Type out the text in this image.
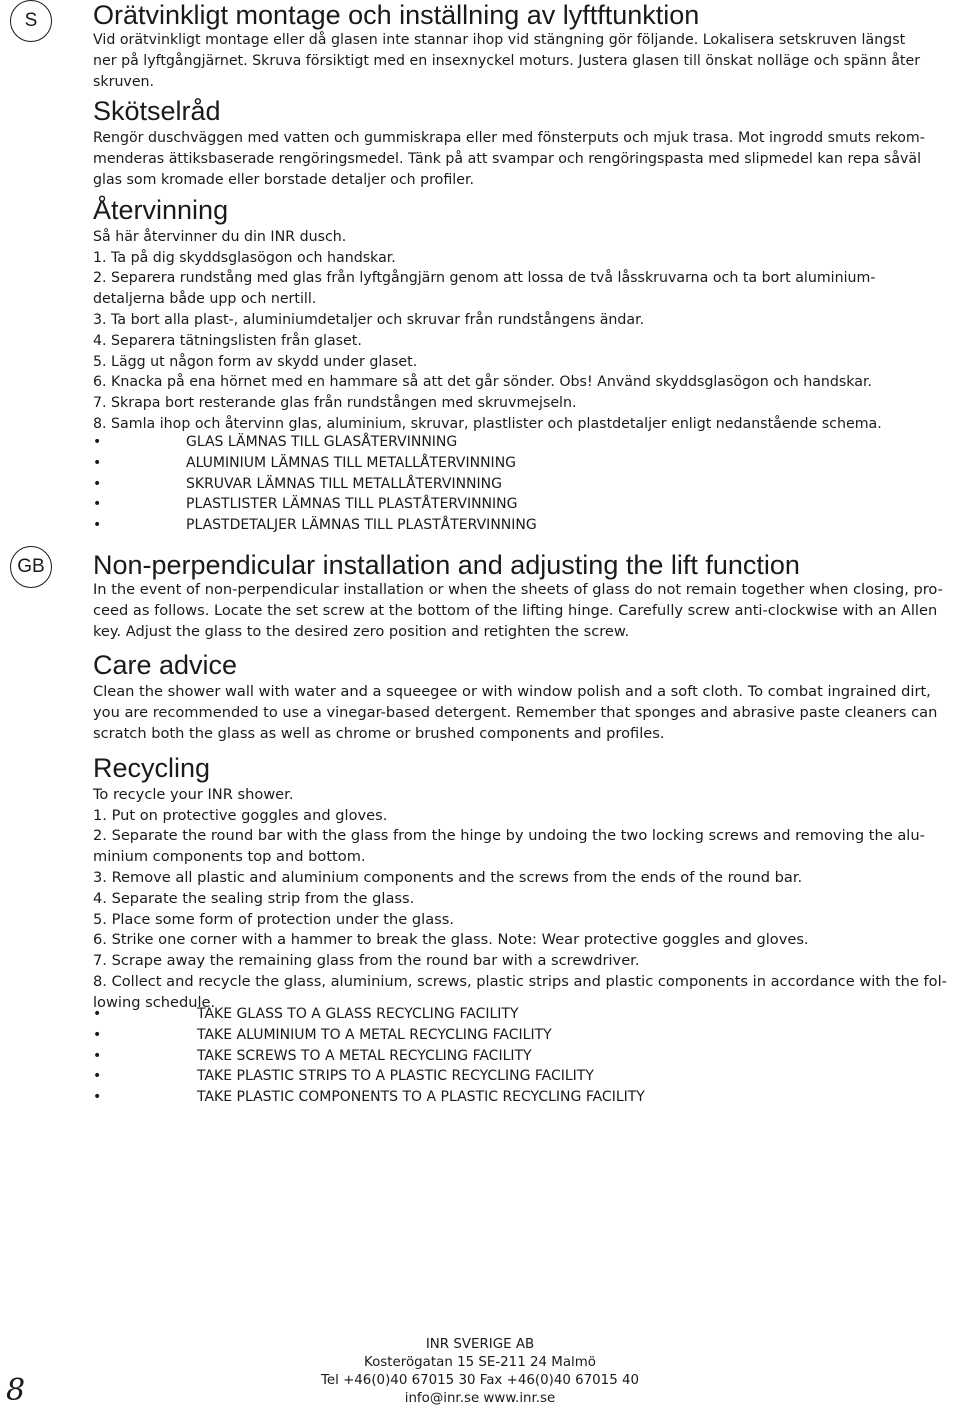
S	Orätvinkligt montage och inställning av lyftftunktion

Vid orätvinkligt montage eller då glasen inte stannar ihop vid stängning gör följande. Lokalisera setskruven längst

ner på lyftgångjärnet. Skruva försiktigt med en insexnyckel moturs. Justera glasen till önskat nolläge och spänn åter

skruven.

Skötselråd

Rengör duschväggen med vatten och gummiskrapa eller med fönsterputs och mjuk trasa. Mot ingrodd smuts rekom-

menderas ättiksbaserade rengöringsmedel. Tänk på att svampar och rengöringspasta med slipmedel kan repa såväl

glas som kromade eller borstade detaljer och profiler.

Återvinning

Så här återvinner du din INR dusch.

1. Ta på dig skyddsglasögon och handskar.

2. Separera rundstång med glas från lyftgångjärn genom att lossa de två låsskruvarna och ta bort aluminium-

detaljerna både upp och nertill.

3. Ta bort alla plast-, aluminiumdetaljer och skruvar från rundstångens ändar.

4. Separera tätningslisten från glaset.

5. Lägg ut någon form av skydd under glaset.

6. Knacka på ena hörnet med en hammare så att det går sönder. Obs! Använd skyddsglasögon och handskar.

7. Skrapa bort resterande glas från rundstången med skruvmejseln.

8. Samla ihop och återvinn glas, aluminium, skruvar, plastlister och plastdetaljer enligt nedanstående schema.

•	GLAS LÄMNAS TILL GLASÅTERVINNING
•	ALUMINIUM LÄMNAS TILL METALLÅTERVINNING
•	SKRUVAR LÄMNAS TILL METALLÅTERVINNING
•	PLASTLISTER LÄMNAS TILL PLASTÅTERVINNING
•	PLASTDETALJER LÄMNAS TILL PLASTÅTERVINNING
GB Non-perpendicular installation and adjusting the lift function

In the event of non-perpendicular installation or when the sheets of glass do not remain together when closing, pro-

ceed as follows. Locate the set screw at the bottom of the lifting hinge. Carefully screw anti-clockwise with an Allen

key. Adjust the glass to the desired zero position and retighten the screw.

Care advice

Clean the shower wall with water and a squeegee or with window polish and a soft cloth. To combat ingrained dirt,

you are recommended to use a vinegar-based detergent. Remember that sponges and abrasive paste cleaners can

scratch both the glass as well as chrome or brushed components and profiles.

Recycling

To recycle your INR shower.

1. Put on protective goggles and gloves.

2. Separate the round bar with the glass from the hinge by undoing the two locking screws and removing the alu-

minium components top and bottom.

3. Remove all plastic and aluminium components and the screws from the ends of the round bar.

4. Separate the sealing strip from the glass.

5. Place some form of protection under the glass.

6. Strike one corner with a hammer to break the glass. Note: Wear protective goggles and gloves.

7. Scrape away the remaining glass from the round bar with a screwdriver.

8. Collect and recycle the glass, aluminium, screws, plastic strips and plastic components in accordance with the fol-

lowing schedule.

•	TAKE GLASS TO A GLASS RECYCLING FACILITY
•	TAKE ALUMINIUM TO A METAL RECYCLING FACILITY
•	TAKE SCREWS TO A METAL RECYCLING FACILITY
•	TAKE PLASTIC STRIPS TO A PLASTIC RECYCLING FACILITY
•	TAKE PLASTIC COMPONENTS TO A PLASTIC RECYCLING FACILITY
INR SVERIGE AB
Kosterögatan 15 SE-211 24 Malmö
Tel +46(0)40 67015 30 Fax +46(0)40 67015 40
info@inr.se www.inr.se
8
